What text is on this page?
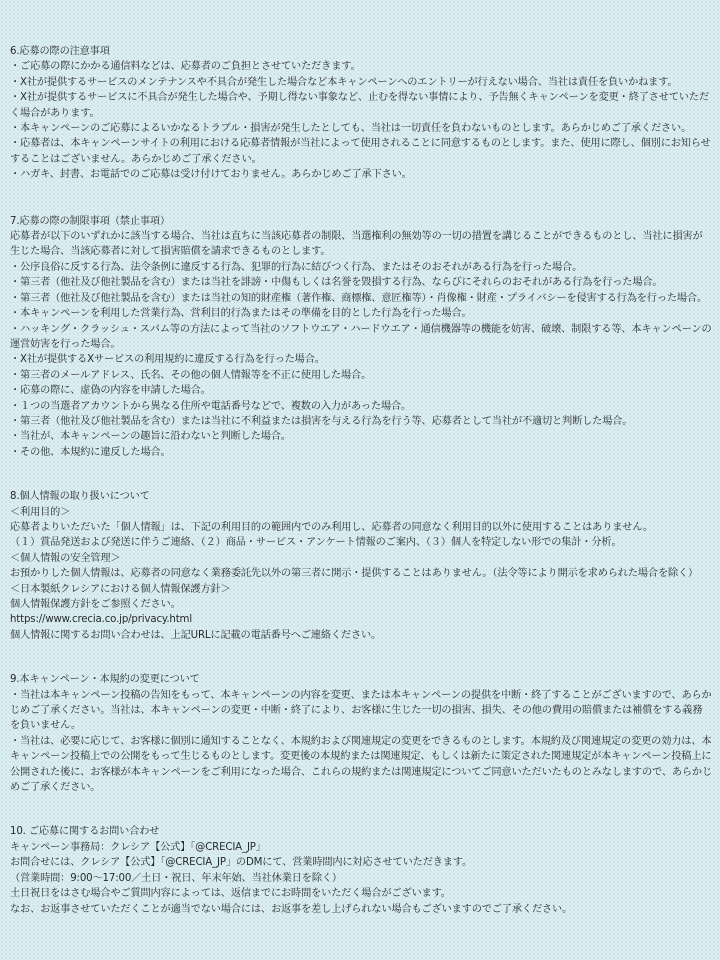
6.応募の際の注意事項

・ご応募の際にかかる通信料などは、応募者のご負担とさせていただきます。

・X社が提供するサービスのメンテナンスや不具合が発生した場合など本キャンペーンへのエントリーが行えない場合、当社は責任を負いかねます。

・X社が提供するサービスに不具合が発生した場合や、予期し得ない事象など、止むを得ない事情により、予告無くキャンペーンを変更・終了させていただく場合があります。

・本キャンペーンのご応募によるいかなるトラブル・損害が発生したとしても、当社は一切責任を負わないものとします。あらかじめご了承ください。

・応募者は、本キャンペーンサイトの利用における応募者情報が当社によって使用されることに同意するものとします。また、使用に際し、個別にお知らせすることはございません。あらかじめご了承ください。

・ハガキ、封書、お電話でのご応募は受け付けておりません。あらかじめご了承下さい。

7.応募の際の制限事項（禁止事項）

応募者が以下のいずれかに該当する場合、当社は直ちに当該応募者の制限、当選権利の無効等の一切の措置を講じることができるものとし、当社に損害が生じた場合、当該応募者に対して損害賠償を請求できるものとします。

・公序良俗に反する行為、法令条例に違反する行為、犯罪的行為に結びつく行為、またはそのおそれがある行為を行った場合。

・第三者（他社及び他社製品を含む）または当社を誹謗・中傷もしくは名誉を毀損する行為、ならびにそれらのおそれがある行為を行った場合。

・第三者（他社及び他社製品を含む）または当社の知的財産権（著作権、商標権、意匠権等）・肖像権・財産・プライバシーを侵害する行為を行った場合。

・本キャンペーンを利用した営業行為、営利目的行為またはその準備を目的とした行為を行った場合。

・ハッキング・クラッシュ・スパム等の方法によって当社のソフトウエア・ハードウエア・通信機器等の機能を妨害、破壊、制限する等、本キャンペーンの運営妨害を行った場合。

・X社が提供するXサービスの利用規約に違反する行為を行った場合。

・第三者のメールアドレス、氏名、その他の個人情報等を不正に使用した場合。

・応募の際に、虚偽の内容を申請した場合。

・１つの当選者アカウントから異なる住所や電話番号などで、複数の入力があった場合。

・第三者（他社及び他社製品を含む）または当社に不利益または損害を与える行為を行う等、応募者として当社が不適切と判断した場合。

・当社が、本キャンペーンの趣旨に沿わないと判断した場合。

・その他、本規約に違反した場合。

8.個人情報の取り扱いについて

＜利用目的＞

応募者よりいただいた「個人情報」は、下記の利用目的の範囲内でのみ利用し、応募者の同意なく利用目的以外に使用することはありません。

（１）賞品発送および発送に伴うご連絡、（２）商品・サービス・アンケート情報のご案内、（３）個人を特定しない形での集計・分析。

＜個人情報の安全管理＞

お預かりした個人情報は、応募者の同意なく業務委託先以外の第三者に開示・提供することはありません。（法令等により開示を求められた場合を除く）

＜日本製紙クレシアにおける個人情報保護方針＞

個人情報保護方針をご参照ください。

https://www.crecia.co.jp/privacy.html

個人情報に関するお問い合わせは、上記URLに記載の電話番号へご連絡ください。

9.本キャンペーン・本規約の変更について

・当社は本キャンペーン投稿の告知をもって、本キャンペーンの内容を変更、または本キャンペーンの提供を中断・終了することがございますので、あらかじめご了承ください。当社は、本キャンペーンの変更・中断・終了により、お客様に生じた一切の損害、損失、その他の費用の賠償または補償をする義務を負いません。

・当社は、必要に応じて、お客様に個別に通知することなく、本規約および関連規定の変更をできるものとします。本規約及び関連規定の変更の効力は、本キャンペーン投稿上での公開をもって生じるものとします。変更後の本規約または関連規定、もしくは新たに策定された関連規定が本キャンペーン投稿上に公開された後に、お客様が本キャンペーンをご利用になった場合、これらの規約または関連規定についてご同意いただいたものとみなしますので、あらかじめご了承ください。

10. ご応募に関するお問い合わせ

キャンペーン事務局：クレシア【公式】「@CRECIA_JP」

お問合せには、クレシア【公式】「@CRECIA_JP」のDMにて、営業時間内に対応させていただきます。

（営業時間：9:00～17:00／土日・祝日、年末年始、当社休業日を除く）

土日祝日をはさむ場合やご質問内容によっては、返信までにお時間をいただく場合がございます。

なお、お返事させていただくことが適当でない場合には、お返事を差し上げられない場合もございますのでご了承ください。
